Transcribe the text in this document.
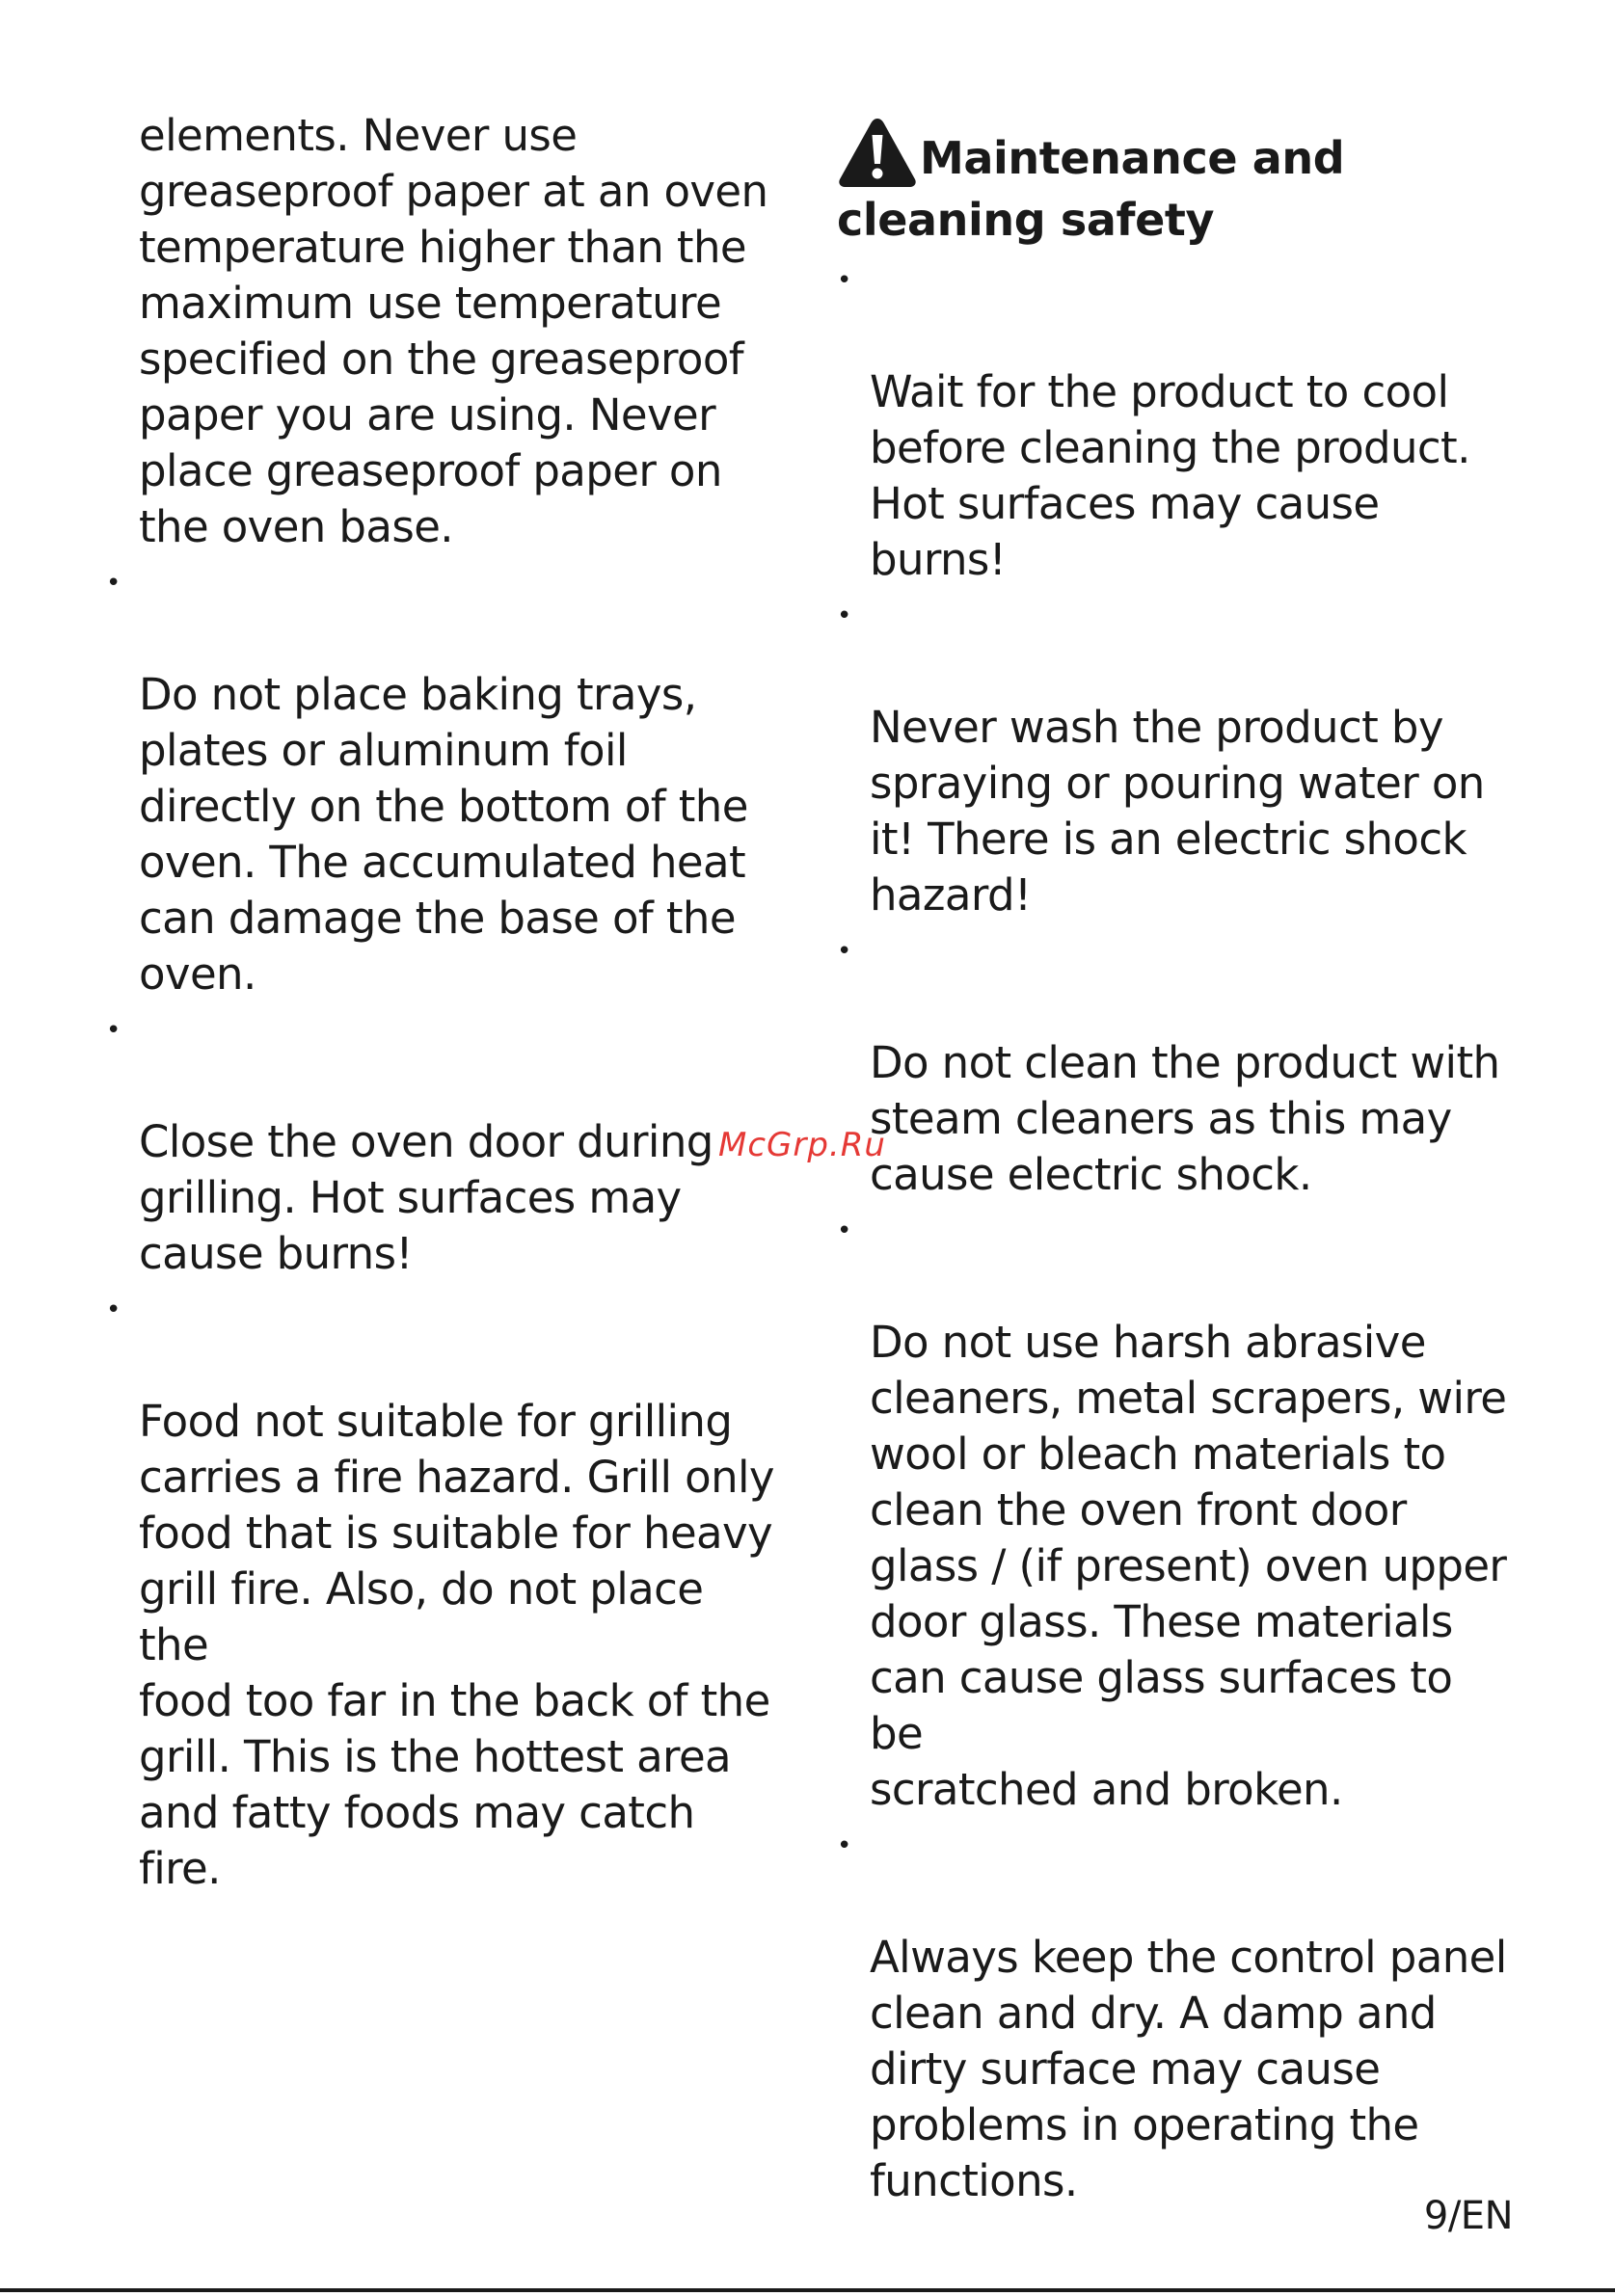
elements. Never use
greaseproof paper at an oven
temperature higher than the
maximum use temperature
specified on the greaseproof
paper you are using. Never
place greaseproof paper on
the oven base.

•

Do not place baking trays,
plates or aluminum foil
directly on the bottom of the
oven. The accumulated heat
can damage the base of the
oven.

•

Close the oven door during
grilling. Hot surfaces may
cause burns!

•

Food not suitable for grilling
carries a fire hazard. Grill only
food that is suitable for heavy
grill fire. Also, do not place the
food too far in the back of the
grill. This is the hottest area
and fatty foods may catch fire.

Maintenance and
cleaning safety

•

Wait for the product to cool
before cleaning the product.
Hot surfaces may cause burns!

•

Never wash the product by
spraying or pouring water on
it! There is an electric shock
hazard!

•

Do not clean the product with
steam cleaners as this may
cause electric shock.

•

Do not use harsh abrasive
cleaners, metal scrapers, wire
wool or bleach materials to
clean the oven front door
glass / (if present) oven upper
door glass. These materials
can cause glass surfaces to be
scratched and broken.

•

Always keep the control panel
clean and dry. A damp and
dirty surface may cause
problems in operating the
functions.

McGrp.Ru
9/EN
